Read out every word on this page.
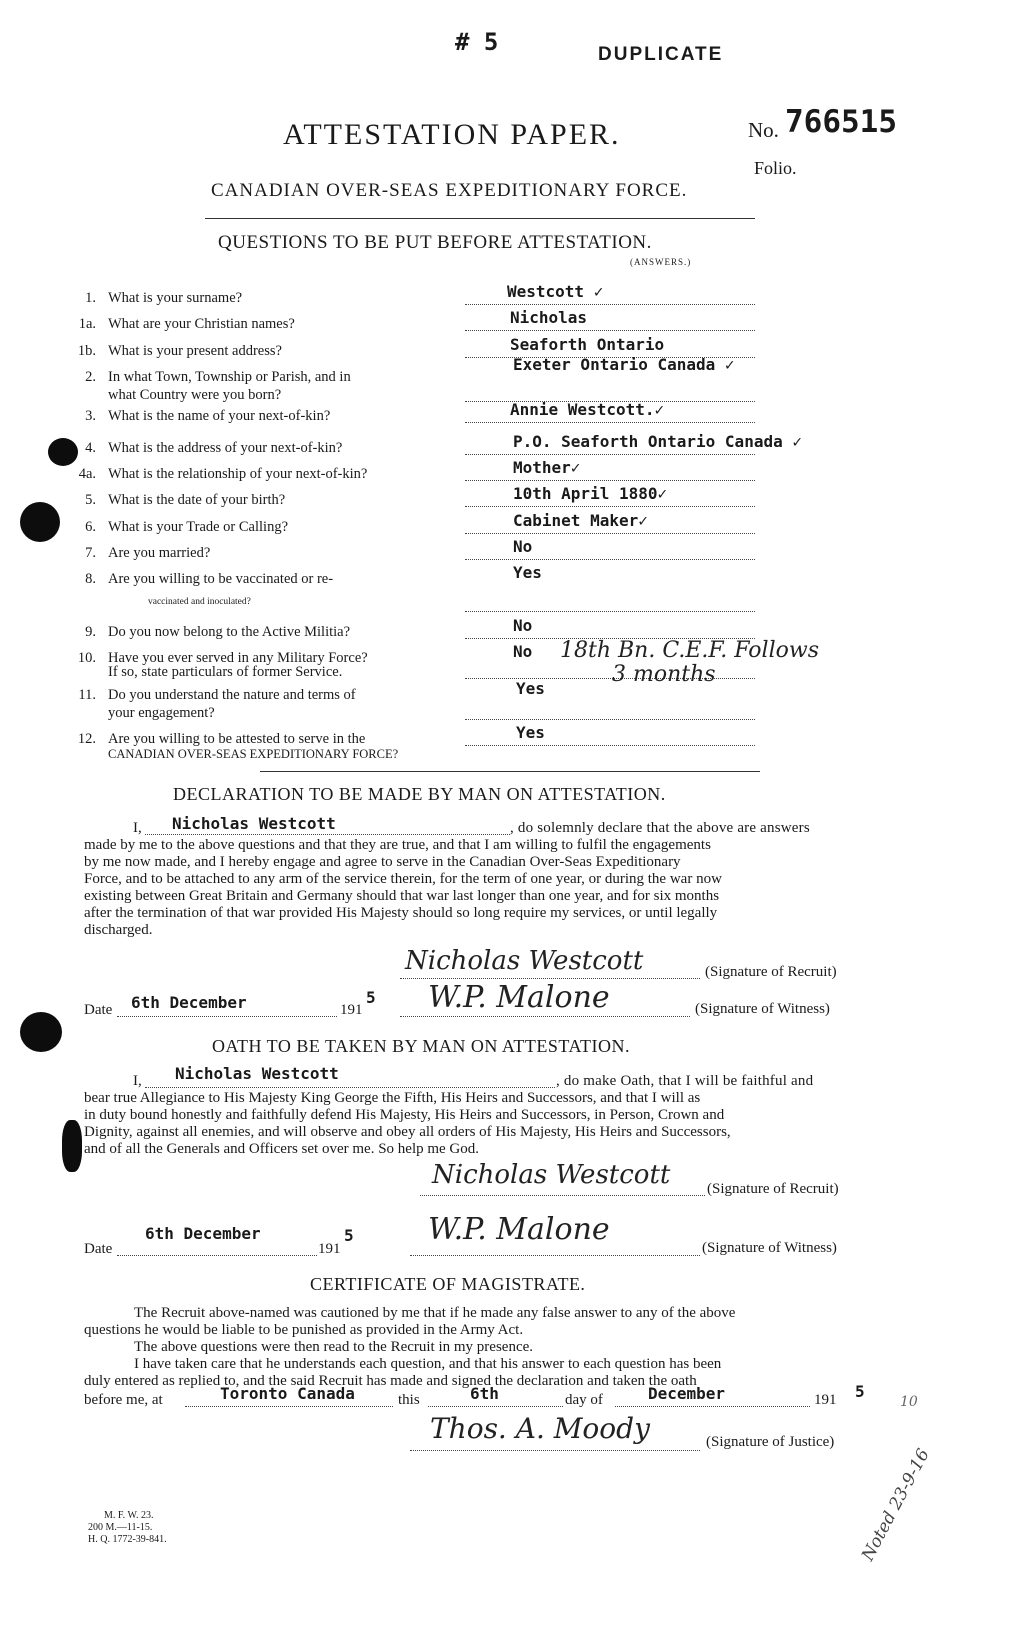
# 5	DUPLICATE
ATTESTATION PAPER.	No. 766515
Folio.
CANADIAN OVER-SEAS EXPEDITIONARY FORCE.
QUESTIONS TO BE PUT BEFORE ATTESTATION.
(ANSWERS.)
1. What is your surname?	Westcott ✓
1a. What are your Christian names?	Nicholas
1b. What is your present address?	Seaforth Ontario
2. In what Town, Township or Parish, and in
what Country were you born?
Exeter Ontario Canada ✓
3. What is the name of your next-of-kin?	Annie Westcott.✓
4. What is the address of your next-of-kin?	P.O. Seaforth Ontario Canada ✓
4a. What is the relationship of your next-of-kin?	Mother✓
5. What is the date of your birth?	10th April 1880✓
6. What is your Trade or Calling?	Cabinet Maker✓
7. Are you married?	No
8. Are you willing to be vaccinated or re-
vaccinated and inoculated?
Yes
9. Do you now belong to the Active Militia?	No
10. Have you ever served in any Military Force?
If so, state particulars of former Service.
No 18th Bn. C.E.F. Follows
3 months
11. Do you understand the nature and terms of
your engagement?
Yes
12. Are you willing to be attested to serve in the
CANADIAN OVER-SEAS EXPEDITIONARY FORCE?
Yes
DECLARATION TO BE MADE BY MAN ON ATTESTATION.
I, Nicholas Westcott	, do solemnly declare that the above are answers
made by me to the above questions and that they are true, and that I am willing to fulfil the engagements
by me now made, and I hereby engage and agree to serve in the Canadian Over-Seas Expeditionary
Force, and to be attached to any arm of the service therein, for the term of one year, or during the war now
existing between Great Britain and Germany should that war last longer than one year, and for six months
after the termination of that war provided His Majesty should so long require my services, or until legally
discharged.
Nicholas Westcott	(Signature of Recruit)
Date 6th December	191
5 W.P. Malone	(Signature of Witness)
OATH TO BE TAKEN BY MAN ON ATTESTATION.
I, Nicholas Westcott	, do make Oath, that I will be faithful and
bear true Allegiance to His Majesty King George the Fifth, His Heirs and Successors, and that I will as
in duty bound honestly and faithfully defend His Majesty, His Heirs and Successors, in Person, Crown and
Dignity, against all enemies, and will observe and obey all orders of His Majesty, His Heirs and Successors,
and of all the Generals and Officers set over me. So help me God.
Nicholas Westcott (Signature of Recruit)
Date
6th December
191
5 W.P. Malone
(Signature of Witness)
CERTIFICATE OF MAGISTRATE.
The Recruit above-named was cautioned by me that if he made any false answer to any of the above
questions he would be liable to be punished as provided in the Army Act.
The above questions were then read to the Recruit in my presence.
I have taken care that he understands each question, and that his answer to each question has been
duly entered as replied to, and the said Recruit has made and signed the declaration and taken the oath
before me, at	Toronto Canada	this	6th	day of	December	191 5
Thos. A. Moody	(Signature of Justice)
M. F. W. 23.
200 M.—11-15.
H. Q. 1772-39-841.
10
Noted 23-9-16
